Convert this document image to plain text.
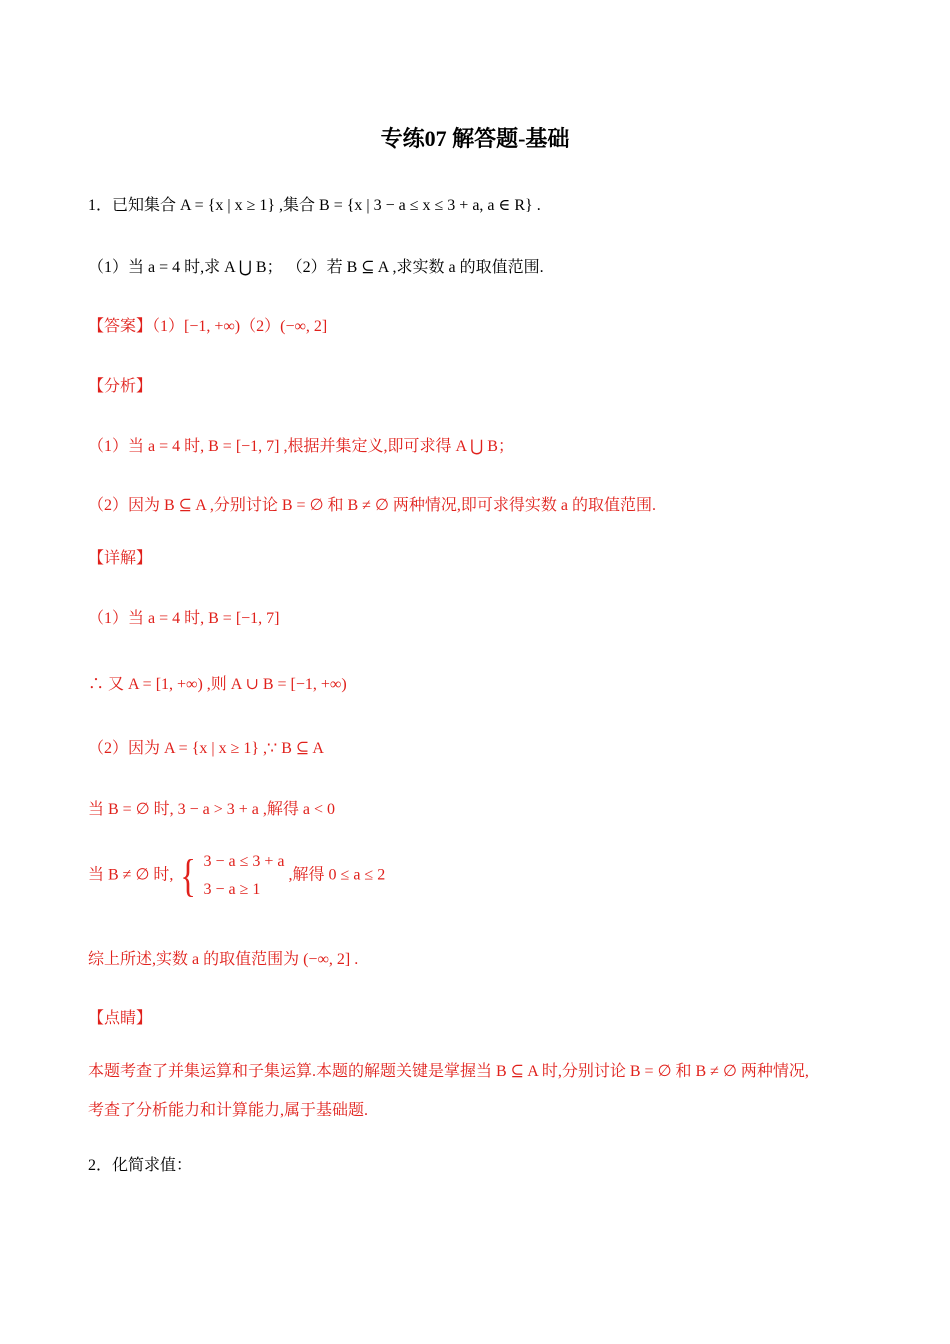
专练07 解答题-基础
1．已知集合 A = {x | x ≥ 1} ,集合 B = {x | 3 − a ≤ x ≤ 3 + a, a ∈ R} .
（1）当 a = 4 时,求 A ⋃ B； （2）若 B ⊆ A ,求实数 a 的取值范围.
【答案】（1）[−1, +∞)（2）(−∞, 2]
【分析】
（1）当 a = 4 时, B = [−1, 7] ,根据并集定义,即可求得 A ⋃ B；
（2）因为 B ⊆ A ,分别讨论 B = ∅ 和 B ≠ ∅ 两种情况,即可求得实数 a 的取值范围.
【详解】
（1）当 a = 4 时, B = [−1, 7]
∴ 又 A = [1, +∞) ,则 A ∪ B = [−1, +∞)
（2）因为 A = {x | x ≥ 1} ,∵ B ⊆ A
当 B = ∅ 时, 3 − a > 3 + a ,解得 a < 0
当 B ≠ ∅ 时, { 3 − a ≤ 3 + a
3 − a ≥ 1
,解得 0 ≤ a ≤ 2
综上所述,实数 a 的取值范围为 (−∞, 2] .
【点睛】
本题考查了并集运算和子集运算.本题的解题关键是掌握当 B ⊆ A 时,分别讨论 B = ∅ 和 B ≠ ∅ 两种情况,
考查了分析能力和计算能力,属于基础题.
2．化简求值：
